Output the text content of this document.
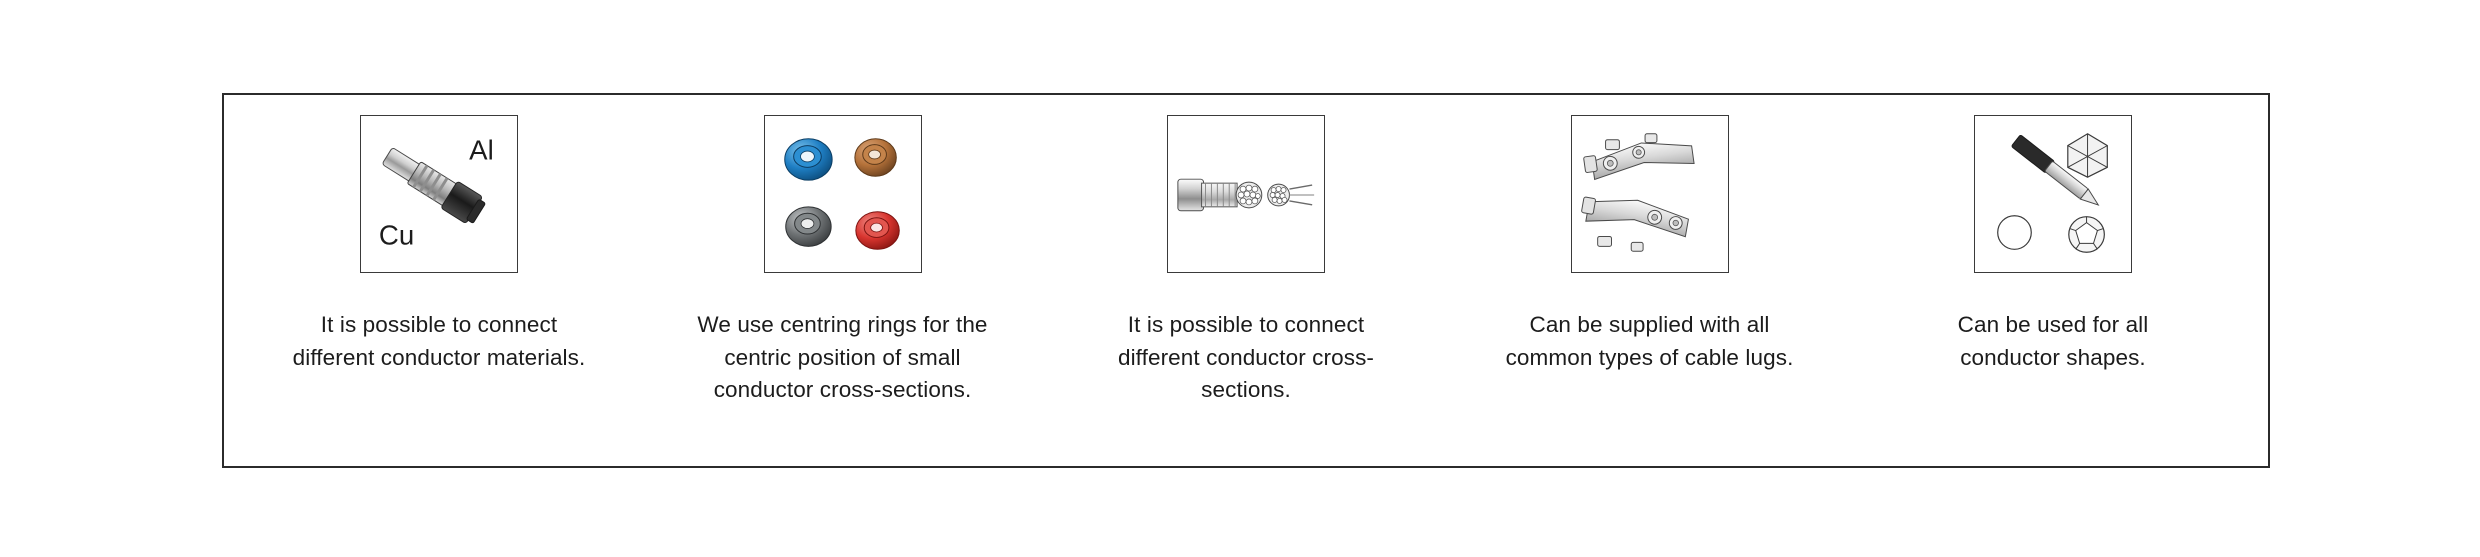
Al
Cu
It is possible to connect different conductor materials.
We use centring rings for the centric position of small conductor cross-sections.
It is possible to connect different conductor cross-sections.
Can be supplied with all common types of cable lugs.
Can be used for all conductor shapes.
